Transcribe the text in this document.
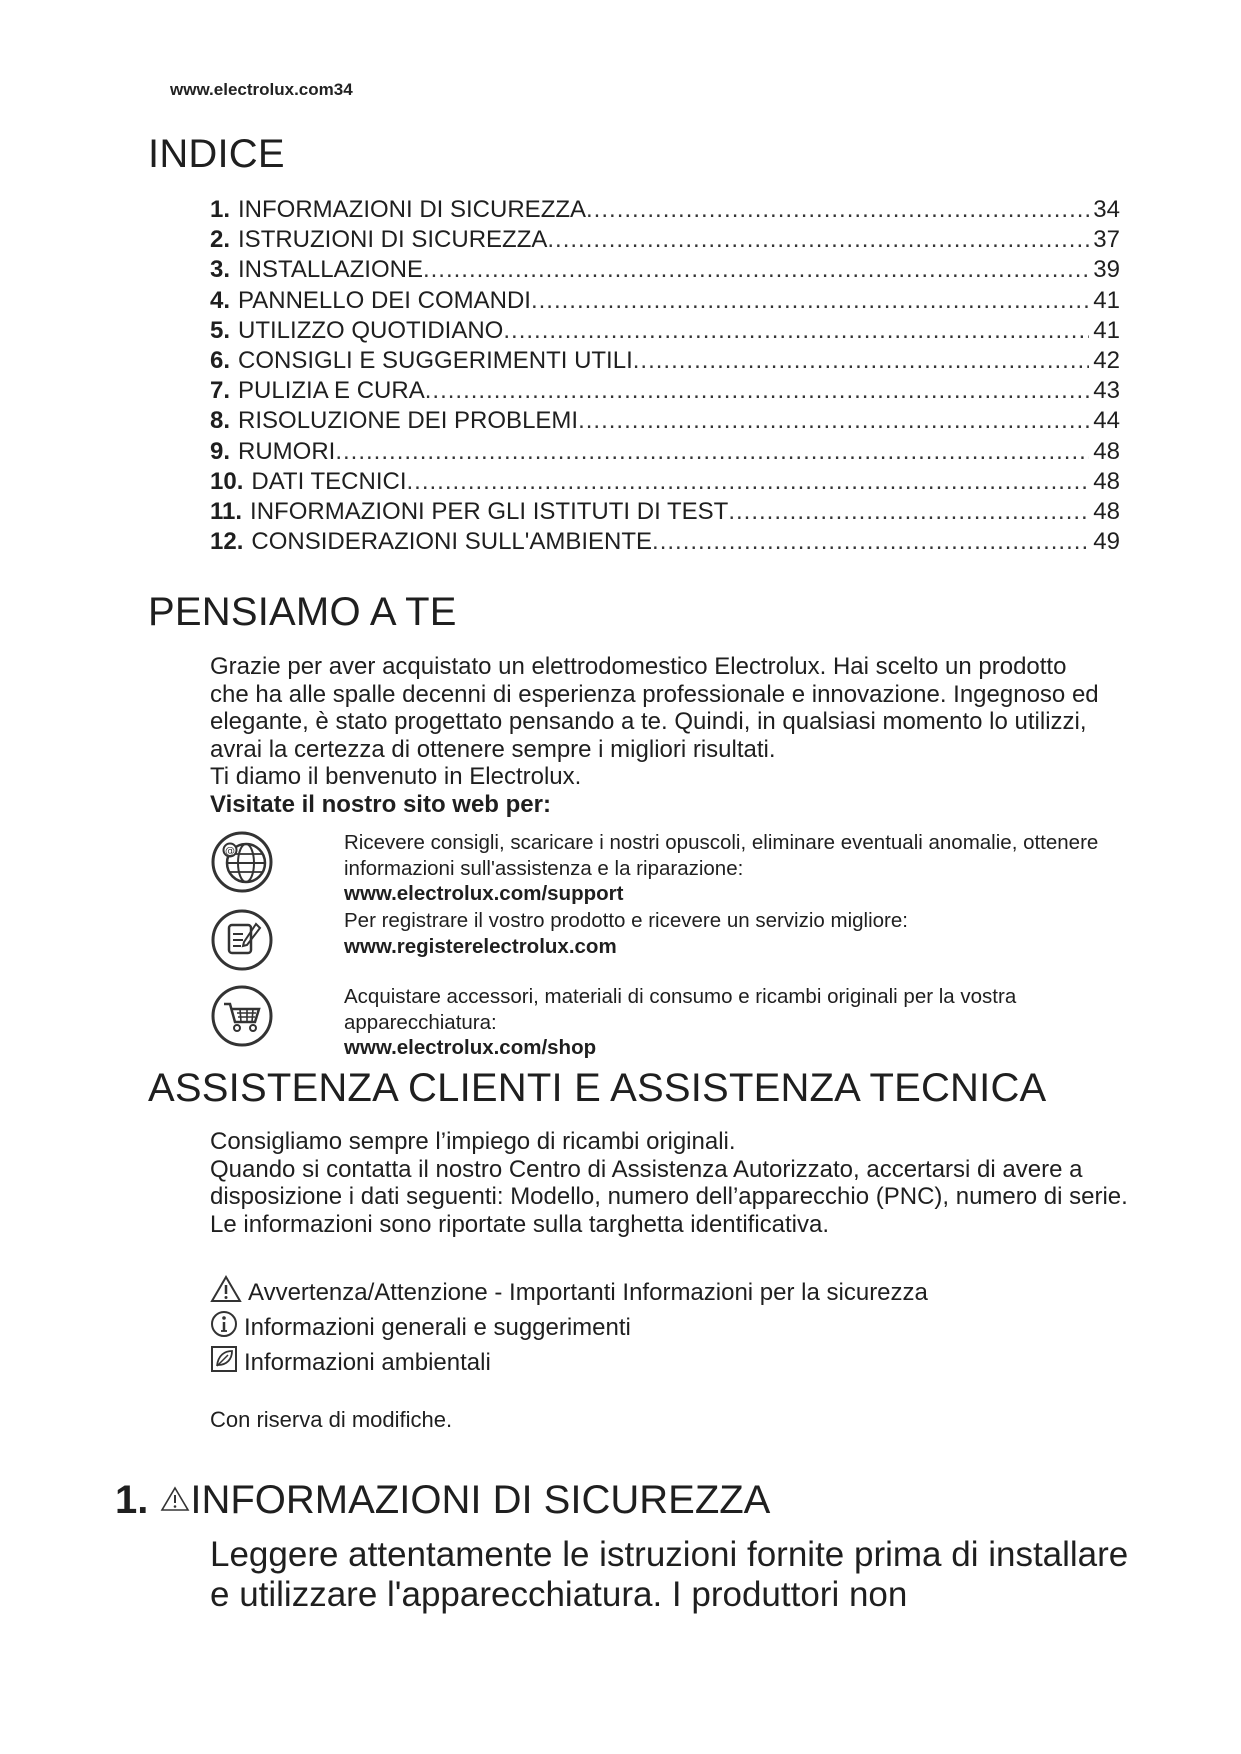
www.electrolux.com34
INDICE
1. INFORMAZIONI DI SICUREZZA .....	34
2. ISTRUZIONI DI SICUREZZA .....	37
3. INSTALLAZIONE .....	39
4. PANNELLO DEI COMANDI .....	41
5. UTILIZZO QUOTIDIANO .....	41
6. CONSIGLI E SUGGERIMENTI UTILI .....	42
7. PULIZIA E CURA .....	43
8. RISOLUZIONE DEI PROBLEMI .....	44
9. RUMORI .....	48
10. DATI TECNICI .....	48
11. INFORMAZIONI PER GLI ISTITUTI DI TEST .....	48
12. CONSIDERAZIONI SULL'AMBIENTE .....	49
PENSIAMO A TE
Grazie per aver acquistato un elettrodomestico Electrolux. Hai scelto un prodotto che ha alle spalle decenni di esperienza professionale e innovazione. Ingegnoso ed elegante, è stato progettato pensando a te. Quindi, in qualsiasi momento lo utilizzi, avrai la certezza di ottenere sempre i migliori risultati.
Ti diamo il benvenuto in Electrolux.
Visitate il nostro sito web per:
@	Ricevere consigli, scaricare i nostri opuscoli, eliminare eventuali anomalie, ottenere informazioni sull'assistenza e la riparazione:
www.electrolux.com/support
Per registrare il vostro prodotto e ricevere un servizio migliore:
www.registerelectrolux.com
Acquistare accessori, materiali di consumo e ricambi originali per la vostra apparecchiatura:
www.electrolux.com/shop
ASSISTENZA CLIENTI E ASSISTENZA TECNICA
Consigliamo sempre l’impiego di ricambi originali.
Quando si contatta il nostro Centro di Assistenza Autorizzato, accertarsi di avere a disposizione i dati seguenti: Modello, numero dell’apparecchio (PNC), numero di serie.
Le informazioni sono riportate sulla targhetta identificativa.
Avvertenza/Attenzione - Importanti Informazioni per la sicurezza
Informazioni generali e suggerimenti
Informazioni ambientali
Con riserva di modifiche.
1. INFORMAZIONI DI SICUREZZA
Leggere attentamente le istruzioni fornite prima di installare e utilizzare l'apparecchiatura. I produttori non
